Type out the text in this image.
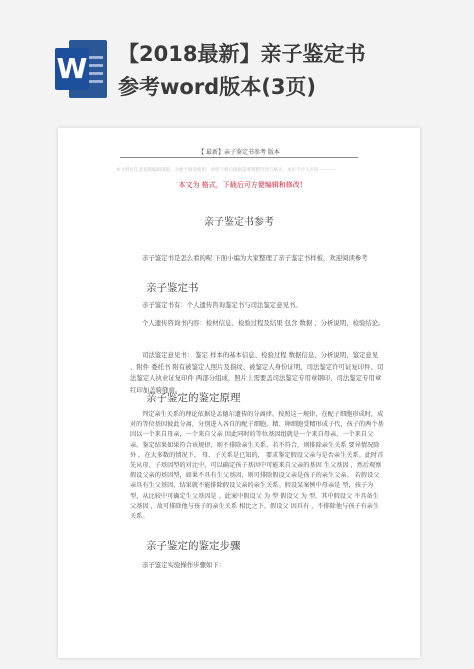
W 【2018最新】亲子鉴定书
参考word版本(3页)
【 最新】亲子鉴定书参考 版本
本文档可任意复制编辑排版，为便于阅读使用，请您下载后根据需要调整内容与格式，本页不计入页码 ----------
本文为 格式，下载后可方便编辑和修改!
亲子鉴定书参考
亲子鉴定书是怎么看的呢 下面小编为大家整理了亲子鉴定书样板，欢迎阅读参考
亲子鉴定书
亲子鉴定书有：个人遗传咨询鉴定书与司法鉴定意见书。
个人遗传咨询书内容：检材信息、检验过程及结果 包含 数据 、分析说明、检验结论。
司法鉴定意见书： 鉴定 样本的基本信息、检验过程 数据信息、分析说明、鉴定意见 、附件 委托书 附有被鉴定人照片及指纹、被鉴定人身份证明、司法鉴定许可证复印件、司法鉴定人执业证复印件 两部分组成，照片上需要盖司法鉴定专用章钢印、司法鉴定专用章红印加盖骑缝章。
亲子鉴定的鉴定原理
判定亲生关系的理论依据是孟德尔遗传的分离律。按照这一规律，在配子细胞形成时，成对的等位基因彼此分离，分别进入各自的配子细胞。精、卵细胞受精形成子代，孩子的两个基因以一个来自母亲，一个来自父亲 因此同时的等位基因组就是一个来自母亲，一个来自父亲。鉴定结果如果符合该规律，则不排除亲生关系，若不符合，则排除亲生关系 要异情况除外 。在大多数的情况下， 母、子关系是已知的， 要求鉴定假设父亲与是否亲生关系。此时首先从母、子基因型的对比中，可以确定孩子基因中可能来自父亲的基因 生父基因 ，然后观察假设父亲的基因型，如果不具有生父基因，则可排除假设父亲是孩子的亲生父亲。 若假设父亲具有生父基因，结果就不能排除假设父亲的亲生关系。假设某案例中母亲是 型，孩子为 型，从比较中可确定生父基因是 。此案中假设父 为 型 假设父 为 型，其中假设父 不具备生父基因 ，故可排除他与孩子的亲生关系 相比之下，假设父 因具有 ，不排除他与孩子有亲生关系。
亲子鉴定的鉴定步骤
亲子鉴定实验操作步骤如下：
